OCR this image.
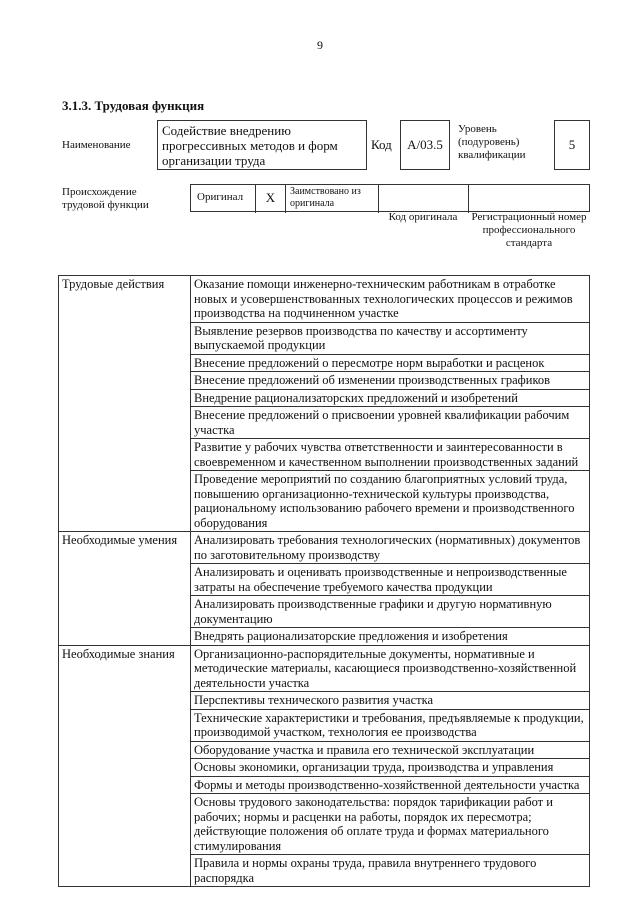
9
3.1.3. Трудовая функция
Наименование
Содействие внедрению прогрессивных методов и форм организации труда
Код A/03.5
Уровень (подуровень) квалификации
5
Происхождение трудовой функции
Оригинал	X	Заимствовано из оригинала
Код оригинала	Регистрационный номер профессионального стандарта
Трудовые действия	Оказание помощи инженерно-техническим работникам в отработке новых и усовершенствованных технологических процессов и режимов производства на подчиненном участке
	Выявление резервов производства по качеству и ассортименту выпускаемой продукции
	Внесение предложений о пересмотре норм выработки и расценок
	Внесение предложений об изменении производственных графиков
	Внедрение рационализаторских предложений и изобретений
	Внесение предложений о присвоении уровней квалификации рабочим участка
	Развитие у рабочих чувства ответственности и заинтересованности в своевременном и качественном выполнении производственных заданий
	Проведение мероприятий по созданию благоприятных условий труда, повышению организационно-технической культуры производства, рациональному использованию рабочего времени и производственного оборудования
Необходимые умения	Анализировать требования технологических (нормативных) документов по заготовительному производству
	Анализировать и оценивать производственные и непроизводственные затраты на обеспечение требуемого качества продукции
	Анализировать производственные графики и другую нормативную документацию
	Внедрять рационализаторские предложения и изобретения
Необходимые знания	Организационно-распорядительные документы, нормативные и методические материалы, касающиеся производственно-хозяйственной деятельности участка
	Перспективы технического развития участка
	Технические характеристики и требования, предъявляемые к продукции, производимой участком, технология ее производства
	Оборудование участка и правила его технической эксплуатации
	Основы экономики, организации труда, производства и управления
	Формы и методы производственно-хозяйственной деятельности участка
	Основы трудового законодательства: порядок тарификации работ и рабочих; нормы и расценки на работы, порядок их пересмотра; действующие положения об оплате труда и формах материального стимулирования
	Правила и нормы охраны труда, правила внутреннего трудового распорядка
